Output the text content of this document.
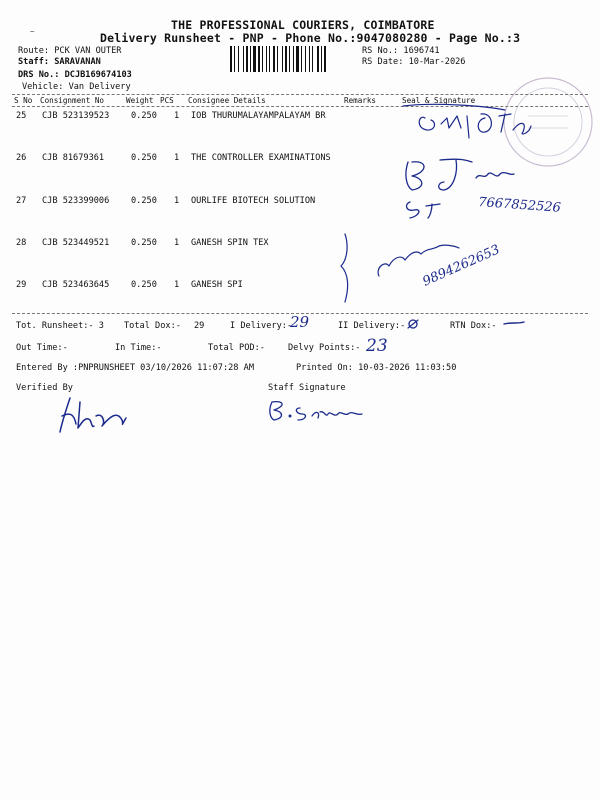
~	THE PROFESSIONAL COURIERS, COIMBATORE
Delivery Runsheet - PNP - Phone No.:9047080280 - Page No.:3
Route: PCK VAN OUTER
Staff: SARAVANAN
DRS No.: DCJB169674103
Vehicle: Van Delivery
RS No.: 1696741
RS Date: 10-Mar-2026
S No Consignment No	Weight PCS Consignee Details	Remarks	Seal & Signature
25 CJB 523139523	0.250 1 IOB THURUMALAYAMPALAYAM BR
26 CJB 81679361	0.250 1 THE CONTROLLER EXAMINATIONS
27 CJB 523399006	0.250 1 OURLIFE BIOTECH SOLUTION
28 CJB 523449521	0.250 1 GANESH SPIN TEX
29 CJB 523463645	0.250 1 GANESH SPI
Tot. Runsheet:- 3 Total Dox:- 29	I Delivery:-	II Delivery:-	RTN Dox:-
Out Time:-	In Time:-	Total POD:-	Delvy Points:-
Entered By :PNPRUNSHEET 03/10/2026 11:07:28 AM	Printed On: 10-03-2026 11:03:50
Verified By	Staff Signature
7667852526
9894262653
29
23
